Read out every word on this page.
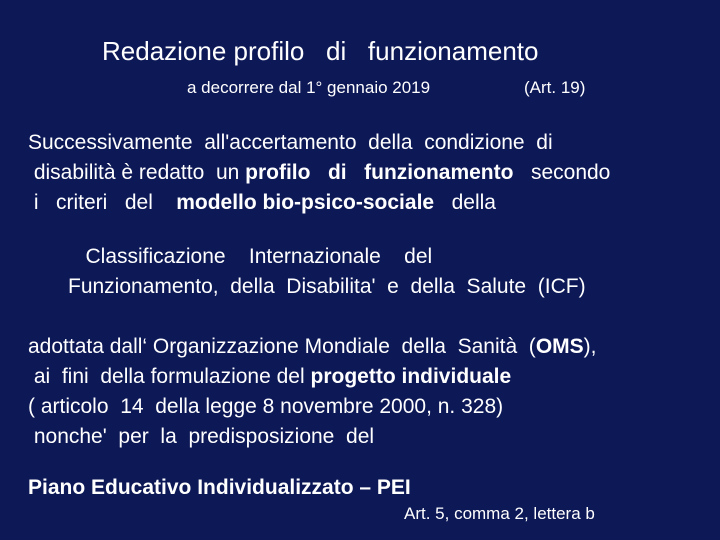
Redazione profilo   di   funzionamento
a decorrere dal 1° gennaio 2019	(Art. 19)
Successivamente  all'accertamento  della  condizione  di
disabilità è redatto  un profilo   di   funzionamento   secondo
i   criteri   del    modello bio-psico-sociale   della
Classificazione    Internazionale    del
Funzionamento,  della  Disabilita'  e  della  Salute  (ICF)
adottata dall‘ Organizzazione Mondiale  della  Sanità  (OMS),
ai  fini  della formulazione del progetto individuale
( articolo  14  della legge 8 novembre 2000, n. 328)
nonche'  per  la  predisposizione  del
Piano Educativo Individualizzato – PEI
Art. 5, comma 2, lettera b
